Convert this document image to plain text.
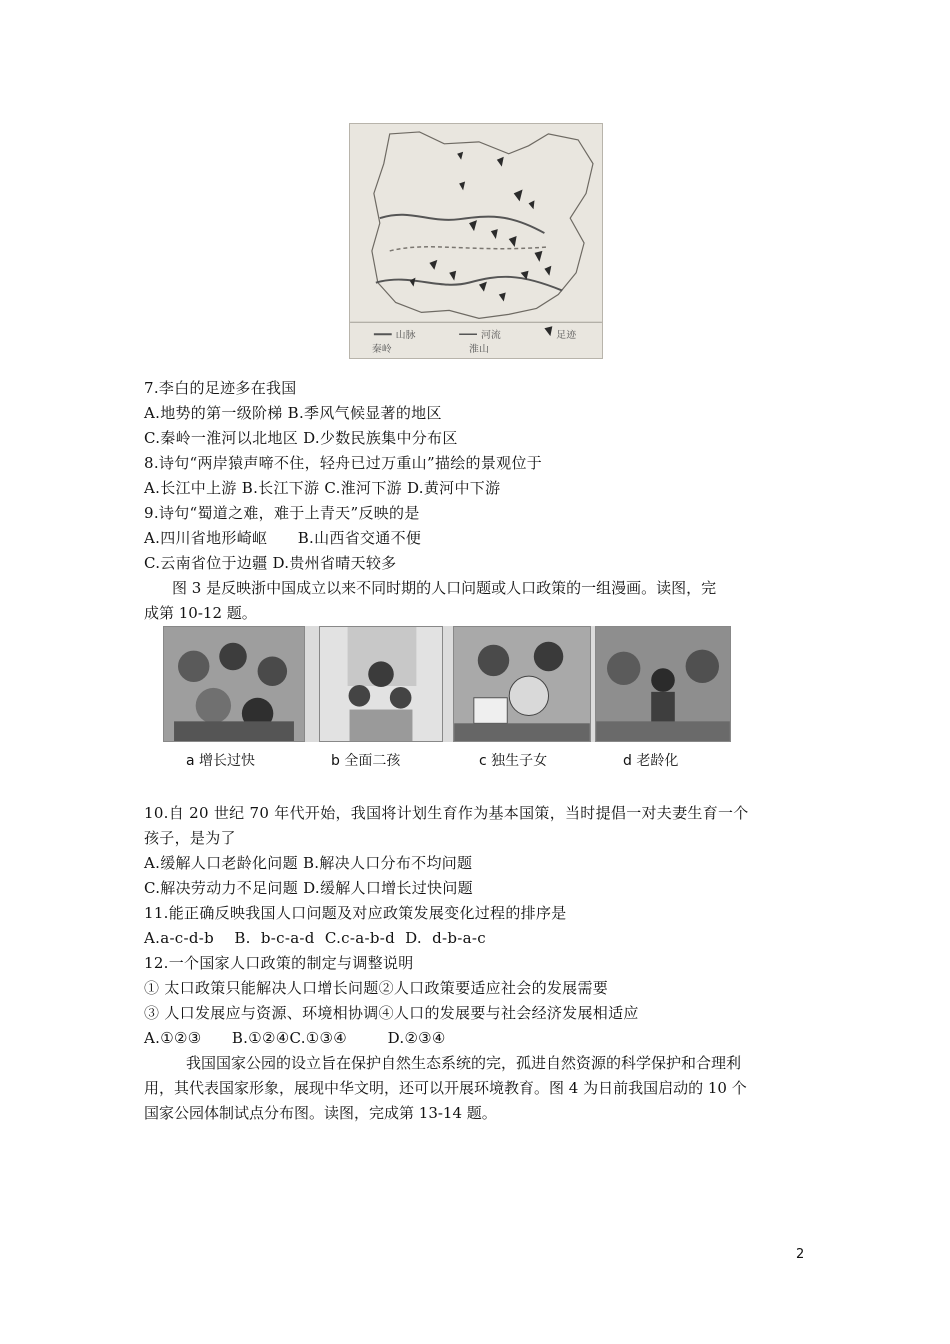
山脉	河流	足迹
秦岭	淮山
7.李白的足迹多在我国
A.地势的第一级阶梯 B.季风气候显著的地区
C.秦岭一淮河以北地区 D.少数民族集中分布区
8.诗句“两岸猿声啼不住，轻舟已过万重山”描绘的景观位于
A.长江中上游 B.长江下游 C.淮河下游 D.黄河中下游
9.诗句“蜀道之难，难于上青天”反映的是
A.四川省地形崎岖      B.山西省交通不便
C.云南省位于边疆 D.贵州省晴天较多
图 3 是反映浙中国成立以来不同时期的人口问题或人口政策的一组漫画。读图，完
成第 10-12 题。
a 增长过快	b 全面二孩	c 独生子女	d 老龄化
10.自 20 世纪 70 年代开始，我国将计划生育作为基本国策，当时提倡一对夫妻生育一个
孩子，是为了
A.缓解人口老龄化问题 B.解决人口分布不均问题
C.解决劳动力不足问题 D.缓解人口增长过快问题
11.能正确反映我国人口问题及对应政策发展变化过程的排序是
A.a-c-d-b    B.  b-c-a-d  C.c-a-b-d  D.  d-b-a-c
12.一个国家人口政策的制定与调整说明
① 太口政策只能解决人口增长问题②人口政策要适应社会的发展需要
③ 人口发展应与资源、环境相协调④人口的发展要与社会经济发展相适应
A.①②③      B.①②④C.①③④        D.②③④
我国国家公园的设立旨在保护自然生态系统的完，孤进自然资源的科学保护和合理利
用，其代表国家形象，展现中华文明，还可以开展环境教育。图 4 为日前我国启动的 10 个
国家公园体制试点分布图。读图，完成第 13-14 题。
2
